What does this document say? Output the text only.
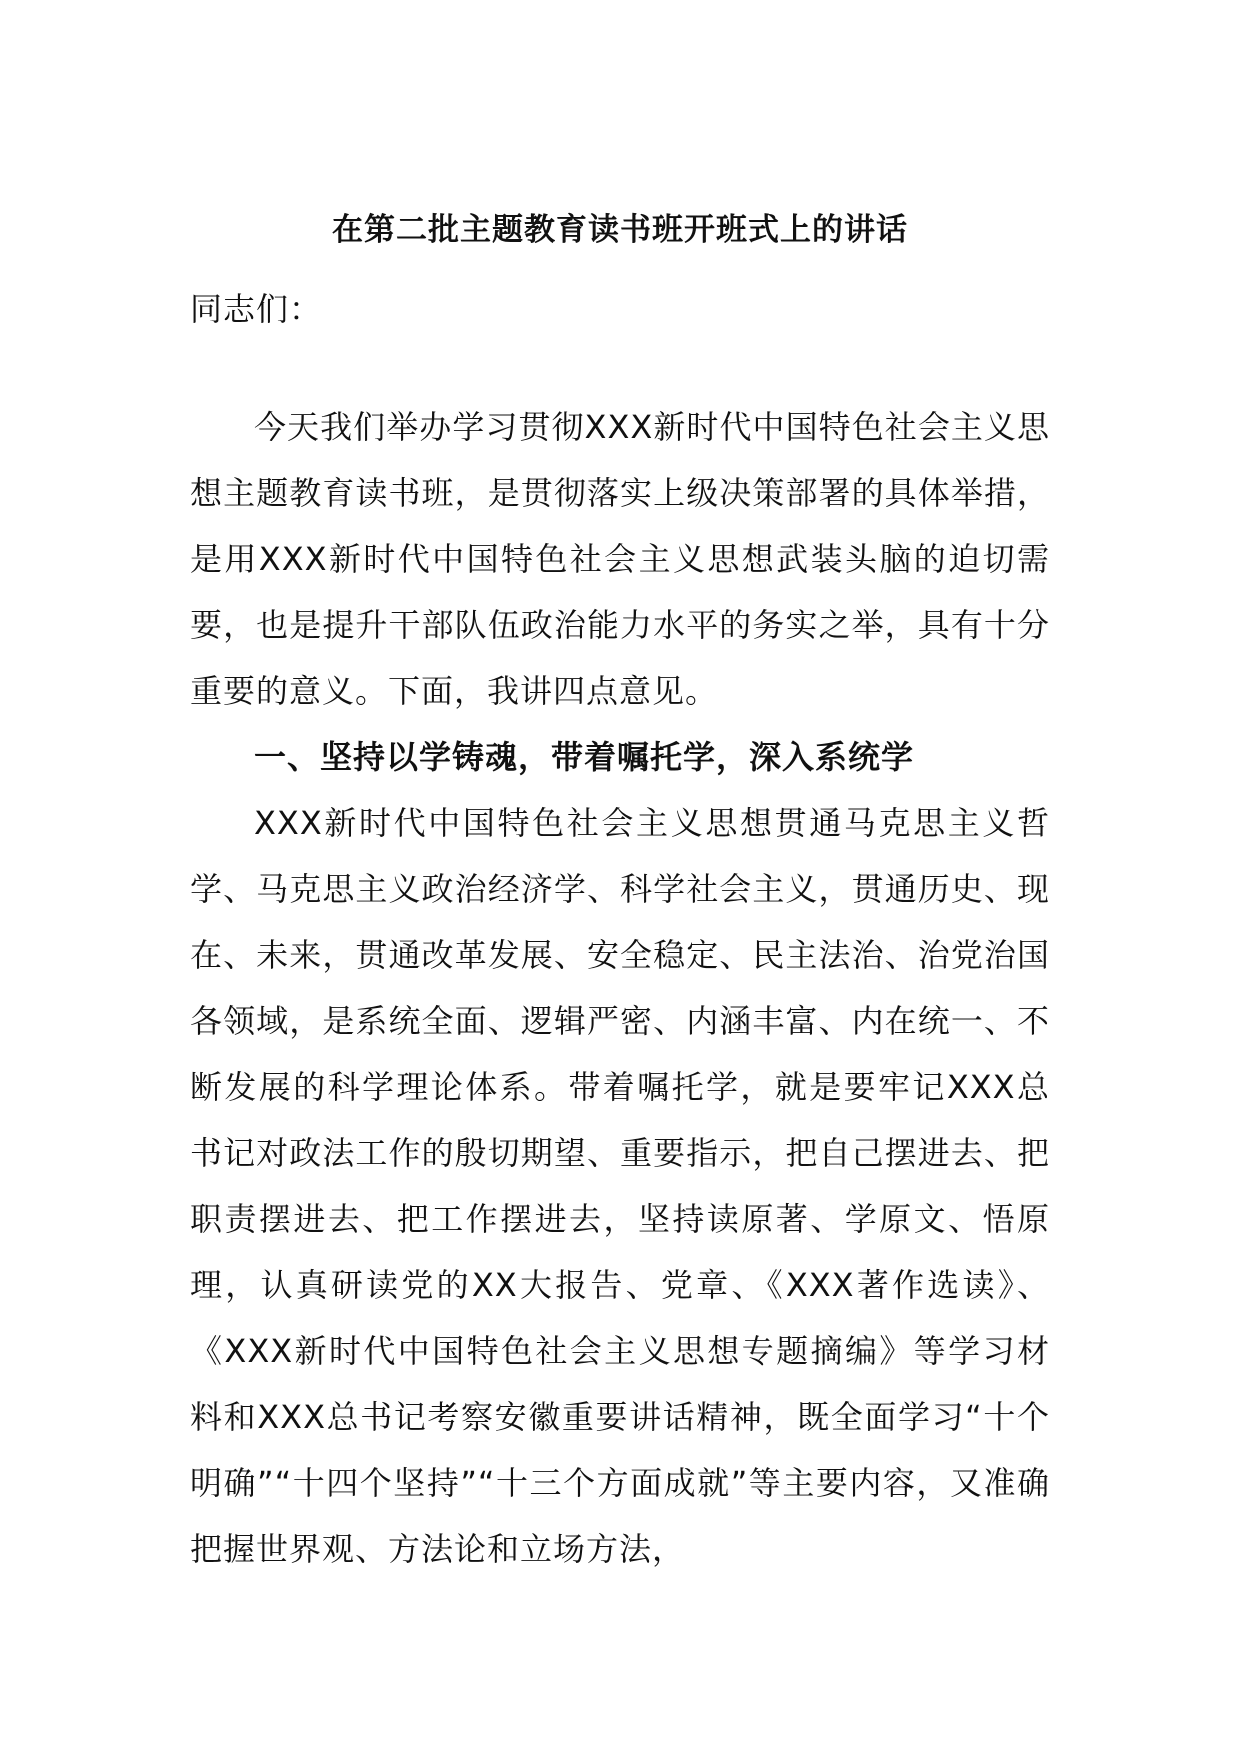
在第二批主题教育读书班开班式上的讲话
同志们：

今天我们举办学习贯彻XXX新时代中国特色社会主义思想主题教育读书班，是贯彻落实上级决策部署的具体举措，是用XXX新时代中国特色社会主义思想武装头脑的迫切需要，也是提升干部队伍政治能力水平的务实之举，具有十分重要的意义。下面，我讲四点意见。

一、坚持以学铸魂，带着嘱托学，深入系统学

XXX新时代中国特色社会主义思想贯通马克思主义哲学、马克思主义政治经济学、科学社会主义，贯通历史、现在、未来，贯通改革发展、安全稳定、民主法治、治党治国各领域，是系统全面、逻辑严密、内涵丰富、内在统一、不断发展的科学理论体系。带着嘱托学，就是要牢记XXX总书记对政法工作的殷切期望、重要指示，把自己摆进去、把职责摆进去、把工作摆进去，坚持读原著、学原文、悟原理，认真研读党的XX大报告、党章、《XXX著作选读》、《XXX新时代中国特色社会主义思想专题摘编》等学习材料和XXX总书记考察安徽重要讲话精神，既全面学习“十个明确”“十四个坚持”“十三个方面成就”等主要内容，又准确把握世界观、方法论和立场方法，
